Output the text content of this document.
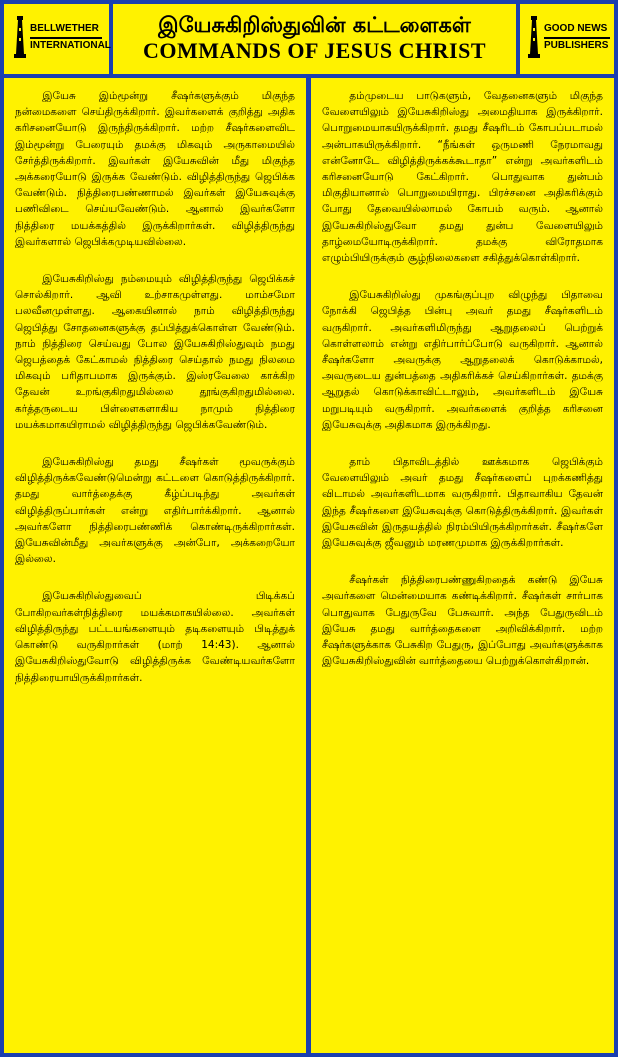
BELLWETHER
INTERNATIONAL
இயேசுகிறிஸ்துவின் கட்டளைகள்
COMMANDS OF JESUS CHRIST
GOOD NEWS
PUBLISHERS

இயேசு இம்மூன்று சீஷர்களுக்கும் மிகுந்த நன்மைகளை செய்திருக்கிறார். இவர்களைக் குறித்து அதிக கரிசனையோடு இருந்திருக்கிறார். மற்ற சீஷர்களைவிட இம்மூன்று பேரையும் தமக்கு மிகவும் அருகாமையில் சேர்த்திருக்கிறார். இவர்கள் இயேசுவின் மீது மிகுந்த அக்கரையோடு இருக்க வேண்டும். விழித்திருந்து ஜெபிக்க வேண்டும். நித்திரைபண்ணாமல் இவர்கள் இயேசுவுக்கு பணிவிடை செய்யவேண்டும். ஆனால் இவர்களோ நித்திரை மயக்கத்தில் இருக்கிறார்கள். விழித்திருந்து இவர்களால் ஜெபிக்கமுடியவில்லை.

இயேசுகிறிஸ்து நம்மையும் விழித்திருந்து ஜெபிக்கச் சொல்கிறார். ஆவி உற்சாகமுள்ளது. மாம்சமோ பலவீனமுள்ளது. ஆகையினால் நாம் விழித்திருந்து ஜெபித்து சோதனைகளுக்கு தப்பித்துக்கொள்ள வேண்டும். நாம் நித்திரை செய்வது போல இயேசுகிறிஸ்துவும் நமது ஜெபத்தைக் கேட்காமல் நித்திரை செய்தால் நமது நிலமை மிகவும் பரிதாபமாக இருக்கும். இஸ்ரவேலை காக்கிற தேவன் உறங்குகிறதுமில்லை தூங்குகிறதுமில்லை. கர்த்தருடைய பிள்ளைகளாகிய நாமும் நித்திரை மயக்கமாகயிராமல் விழித்திருந்து ஜெபிக்கவேண்டும்.

இயேசுகிறிஸ்து தமது சீஷர்கள் மூவருக்கும் விழித்திருக்கவேண்டுமென்று கட்டளை கொடுத்திருக்கிறார். தமது வார்த்தைக்கு கீழ்ப்படிந்து அவர்கள் விழித்திருப்பார்கள் என்று எதிர்பார்க்கிறார். ஆனால் அவர்களோ நித்திரைபண்ணிக் கொண்டிருக்கிறார்கள். இயேசுவின்மீது அவர்களுக்கு அன்போ, அக்கறையோ இல்லை.

இயேசுகிறிஸ்துவைப் பிடிக்கப் போகிறவர்கள்நித்திரை மயக்கமாகயில்லை. அவர்கள் விழித்திருந்து பட்டயங்களையும் தடிகளையும் பிடித்துக் கொண்டு வருகிறார்கள் (மாற் 14:43). ஆனால் இயேசுகிறிஸ்துவோடு விழித்திருக்க வேண்டியவர்களோ நித்திரையாயிருக்கிறார்கள்.

தம்முடைய பாடுகளும், வேதனைகளும் மிகுந்த வேளையிலும் இயேசுகிறிஸ்து அமைதியாக இருக்கிறார். பொறுமையாகயிருக்கிறார். தமது சீஷரிடம் கோபப்படாமல் அன்பாகயிருக்கிறார். “நீங்கள் ஒருமணி நேரமாவது என்னோடே விழித்திருக்கக்கூடாதா” என்று அவர்களிடம் கரிசனையோடு கேட்கிறார். பொதுவாக துன்பம் மிகுதியானால் பொறுமையிராது. பிரச்சனை அதிகரிக்கும் போது தேவையில்லாமல் கோபம் வரும். ஆனால் இயேசுகிறிஸ்துவோ தமது துன்ப வேளையிலும் தாழ்மையோடிருக்கிறார். தமக்கு விரோதமாக எழும்பியிருக்கும் சூழ்நிலைகளை சகித்துக்கொள்கிறார்.

இயேசுகிறிஸ்து முகங்குப்புற விழுந்து பிதாவை நோக்கி ஜெபித்த பின்பு அவர் தமது சீஷர்களிடம் வருகிறார். அவர்களிமிருந்து ஆறுதலைப் பெற்றுக் கொள்ளலாம் என்று எதிர்பார்ப்போடு வருகிறார். ஆனால் சீஷர்களோ அவருக்கு ஆறுதலைக் கொடுக்காமல், அவருடைய துன்பத்தை அதிகரிக்கச் செய்கிறார்கள். தமக்கு ஆறுதல் கொடுக்காவிட்டாலும், அவர்களிடம் இயேசு மறுபடியும் வருகிறார். அவர்களைக் குறித்த கரிசனை இயேசுவுக்கு அதிகமாக இருக்கிறது.

தாம் பிதாவிடத்தில் ஊக்கமாக ஜெபிக்கும் வேளையிலும் அவர் தமது சீஷர்களைப் புறக்கணித்து விடாமல் அவர்களிடமாக வருகிறார். பிதாவாகிய தேவன் இந்த சீஷர்களை இயேசுவுக்கு கொடுத்திருக்கிறார். இவர்கள் இயேசுவின் இருதயத்தில் நிரம்பியிருக்கிறார்கள். சீஷர்களே இயேசுவுக்கு ஜீவனும் மரணமுமாக இருக்கிறார்கள்.

சீஷர்கள் நித்திரைபண்ணுகிறதைக் கண்டு இயேசு அவர்களை மென்மையாக கண்டிக்கிறார். சீஷர்கள் சார்பாக பொதுவாக பேதுருவே பேசுவார். அந்த பேதுருவிடம் இயேசு தமது வார்த்தைகளை அறிவிக்கிறார். மற்ற சீஷர்களுக்காக பேசுகிற பேதுரு, இப்போது அவர்களுக்காக இயேசுகிறிஸ்துவின் வார்த்தையை பெற்றுக்கொள்கிறான்.
